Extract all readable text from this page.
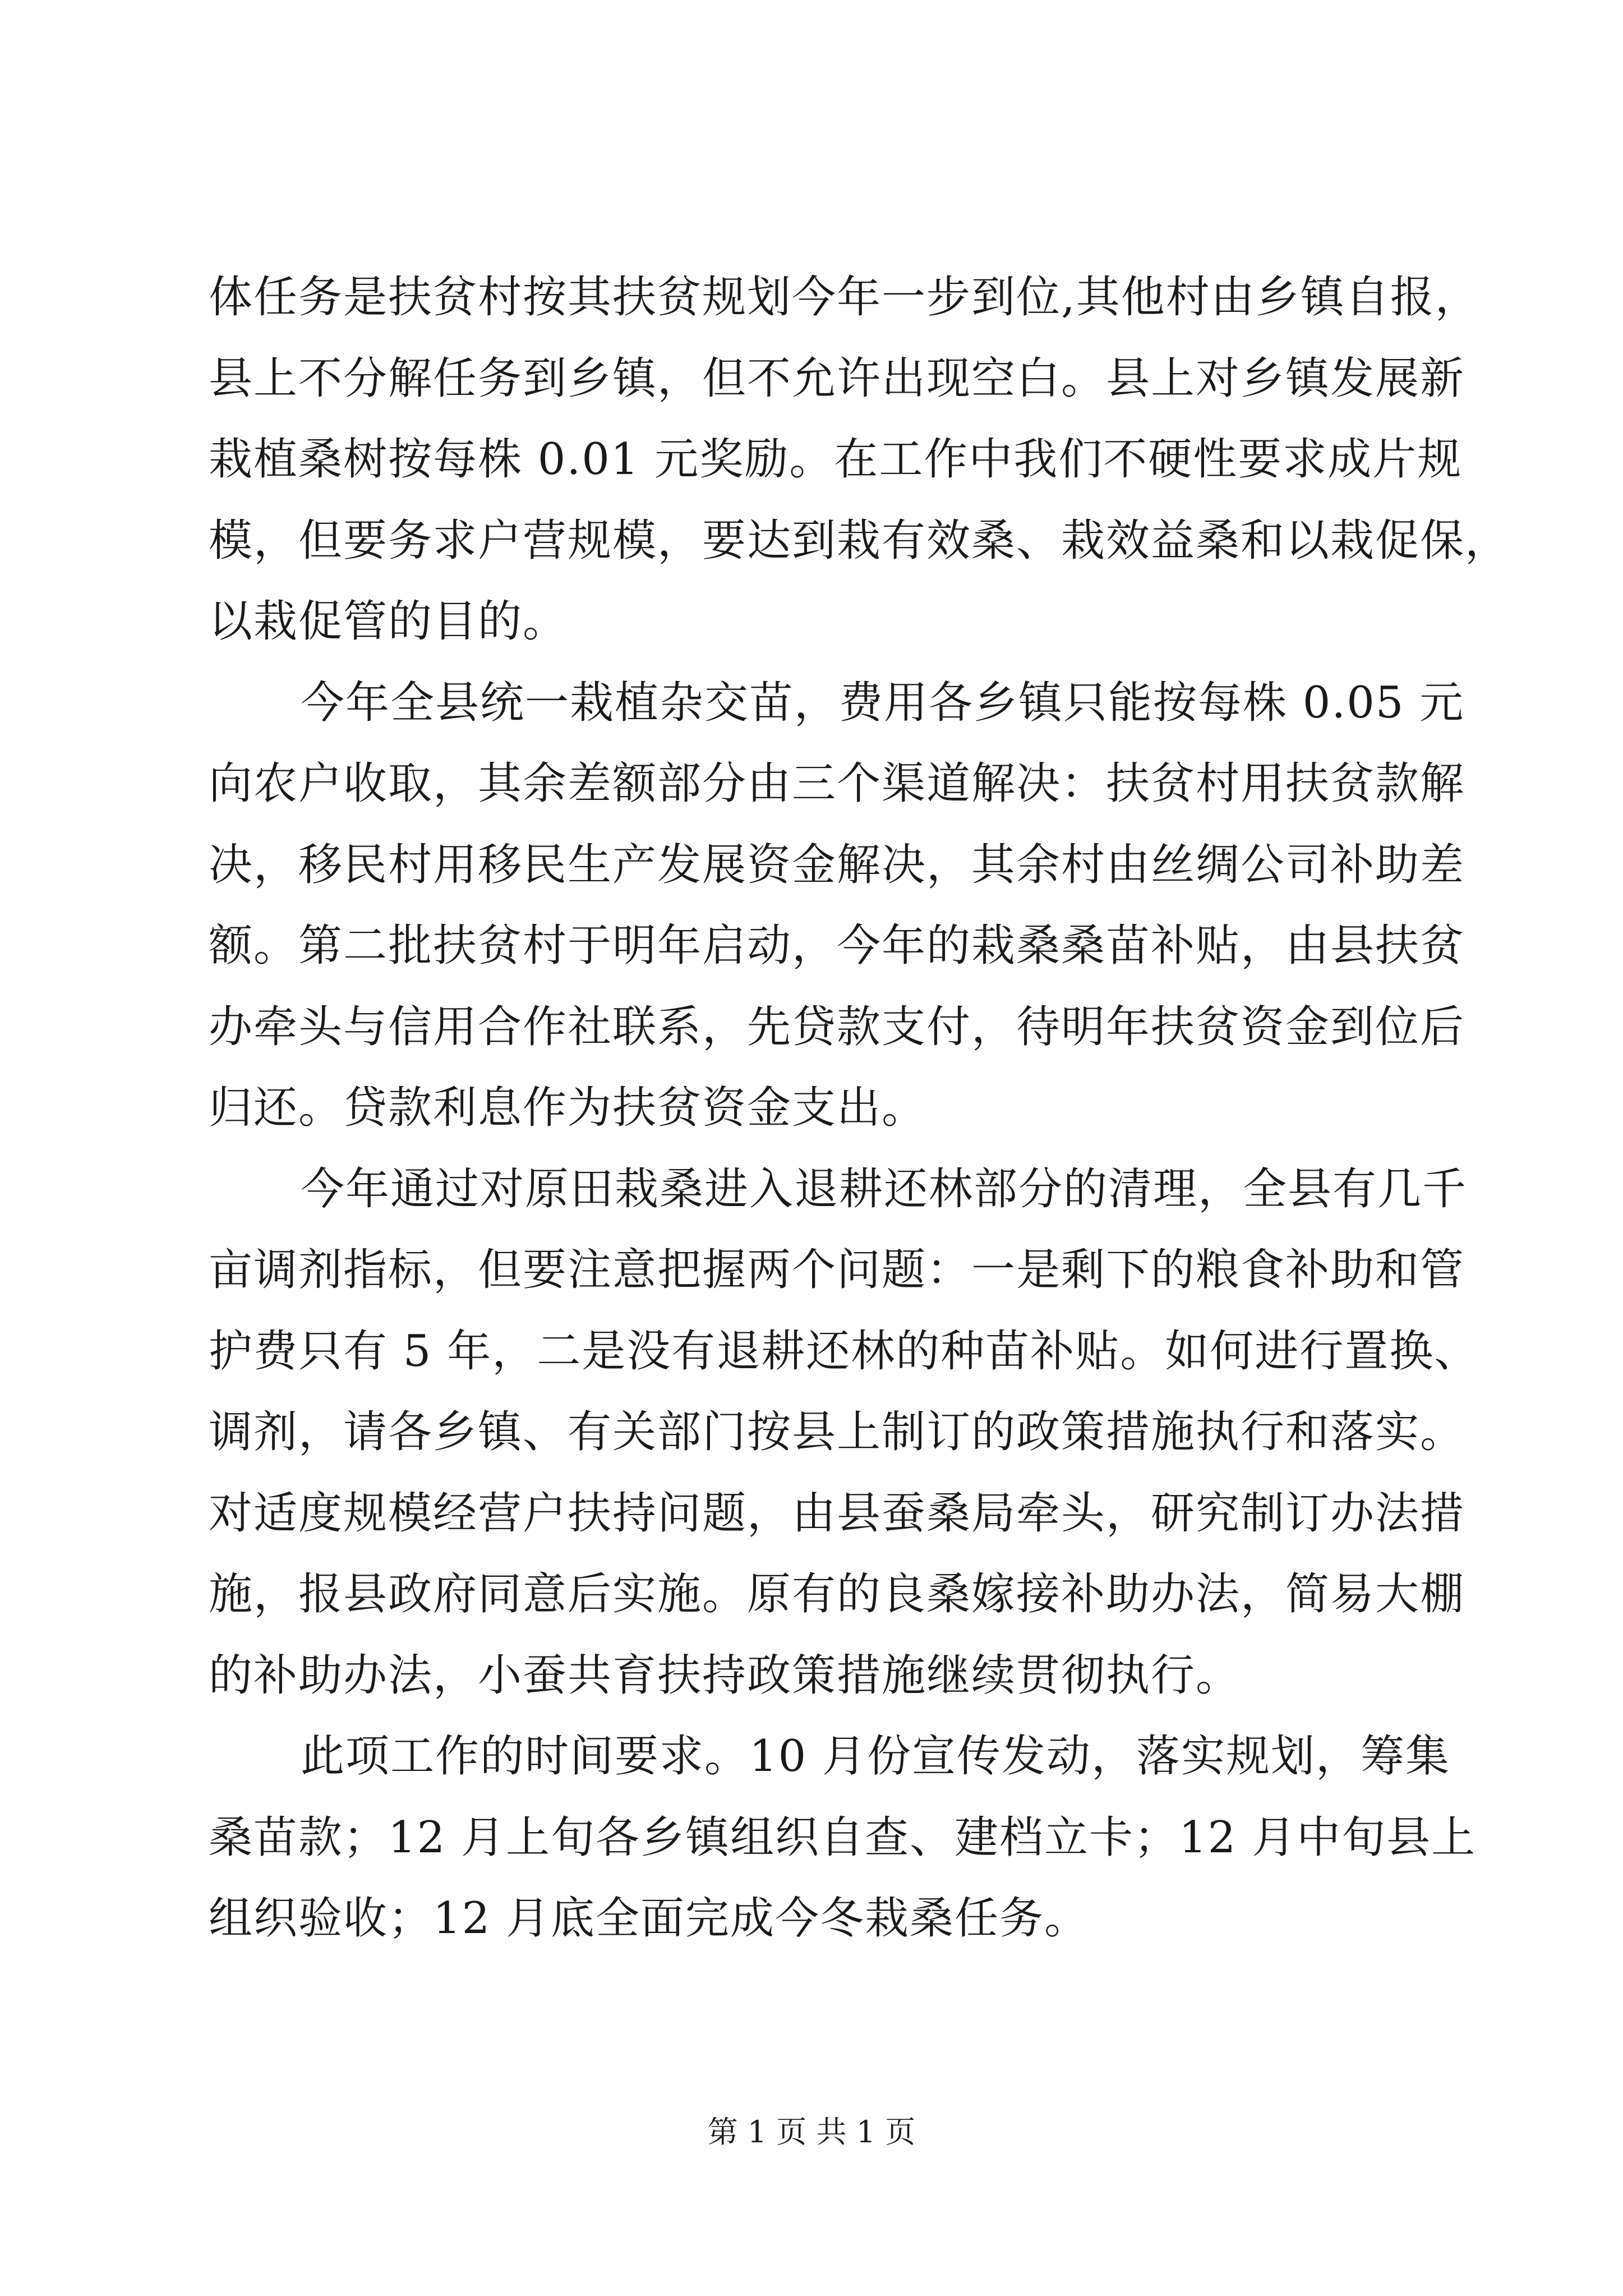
体任务是扶贫村按其扶贫规划今年一步到位,其他村由乡镇自报，
县上不分解任务到乡镇，但不允许出现空白。县上对乡镇发展新
栽植桑树按每株 0.01 元奖励。在工作中我们不硬性要求成片规
模，但要务求户营规模，要达到栽有效桑、栽效益桑和以栽促保，
以栽促管的目的。
今年全县统一栽植杂交苗，费用各乡镇只能按每株 0.05 元
向农户收取，其余差额部分由三个渠道解决：扶贫村用扶贫款解
决，移民村用移民生产发展资金解决，其余村由丝绸公司补助差
额。第二批扶贫村于明年启动，今年的栽桑桑苗补贴，由县扶贫
办牵头与信用合作社联系，先贷款支付，待明年扶贫资金到位后
归还。贷款利息作为扶贫资金支出。
今年通过对原田栽桑进入退耕还林部分的清理，全县有几千
亩调剂指标，但要注意把握两个问题：一是剩下的粮食补助和管
护费只有 5 年，二是没有退耕还林的种苗补贴。如何进行置换、
调剂，请各乡镇、有关部门按县上制订的政策措施执行和落实。
对适度规模经营户扶持问题，由县蚕桑局牵头，研究制订办法措
施，报县政府同意后实施。原有的良桑嫁接补助办法，简易大棚
的补助办法，小蚕共育扶持政策措施继续贯彻执行。
此项工作的时间要求。10 月份宣传发动，落实规划，筹集
桑苗款；12 月上旬各乡镇组织自查、建档立卡；12 月中旬县上
组织验收；12 月底全面完成今冬栽桑任务。
第 1 页 共 1 页
